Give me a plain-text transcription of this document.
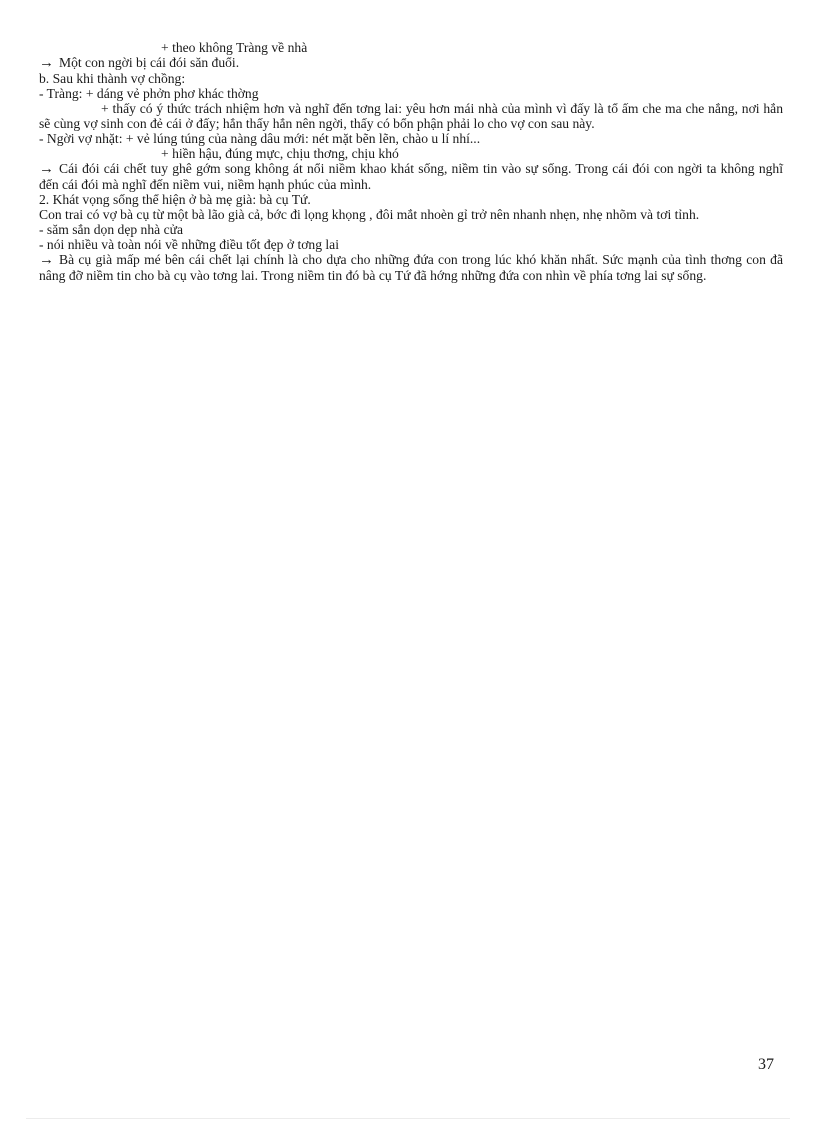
+ theo không Tràng về nhà
→ Một con ngời bị cái đói săn đuổi.
b. Sau khi thành vợ chồng:
- Tràng: + dáng vẻ phởn phơ khác thờng
+ thấy có ý thức trách nhiệm hơn và nghĩ đến tơng lai: yêu hơn mái nhà của mình vì đấy là tổ ấm che ma che nắng, nơi hắn sẽ cùng vợ sinh con đẻ cái ở đấy; hắn thấy hắn nên ngời, thấy có bổn phận phải lo cho vợ con sau này.
- Ngời vợ nhặt: + vẻ lúng túng của nàng dâu mới: nét mặt bẽn lẽn, chào u lí nhí...
+ hiền hậu, đúng mực, chịu thơng, chịu khó
→ Cái đói cái chết tuy ghê gớm song không át nổi niềm khao khát sống, niềm tin vào sự sống. Trong cái đói con ngời ta không nghĩ đến cái đói mà nghĩ đến niềm vui, niềm hạnh phúc của mình.
2. Khát vọng sống thể hiện ở bà mẹ già: bà cụ Tứ.
Con trai có vợ bà cụ từ một bà lão già cả, bớc đi lọng khọng , đôi mắt nhoèn gỉ trở nên nhanh nhẹn, nhẹ nhõm và tơi tỉnh.
- săm sắn dọn dẹp nhà cửa
- nói nhiều và toàn nói về những điều tốt đẹp ở tơng lai
→ Bà cụ già mấp mé bên cái chết lại chính là cho dựa cho những đứa con trong lúc khó khăn nhất. Sức mạnh của tình thơng con đã nâng đỡ niềm tin cho bà cụ vào tơng lai. Trong niềm tin đó bà cụ Tứ đã hớng những đứa con nhìn về phía tơng lai sự sống.
37
